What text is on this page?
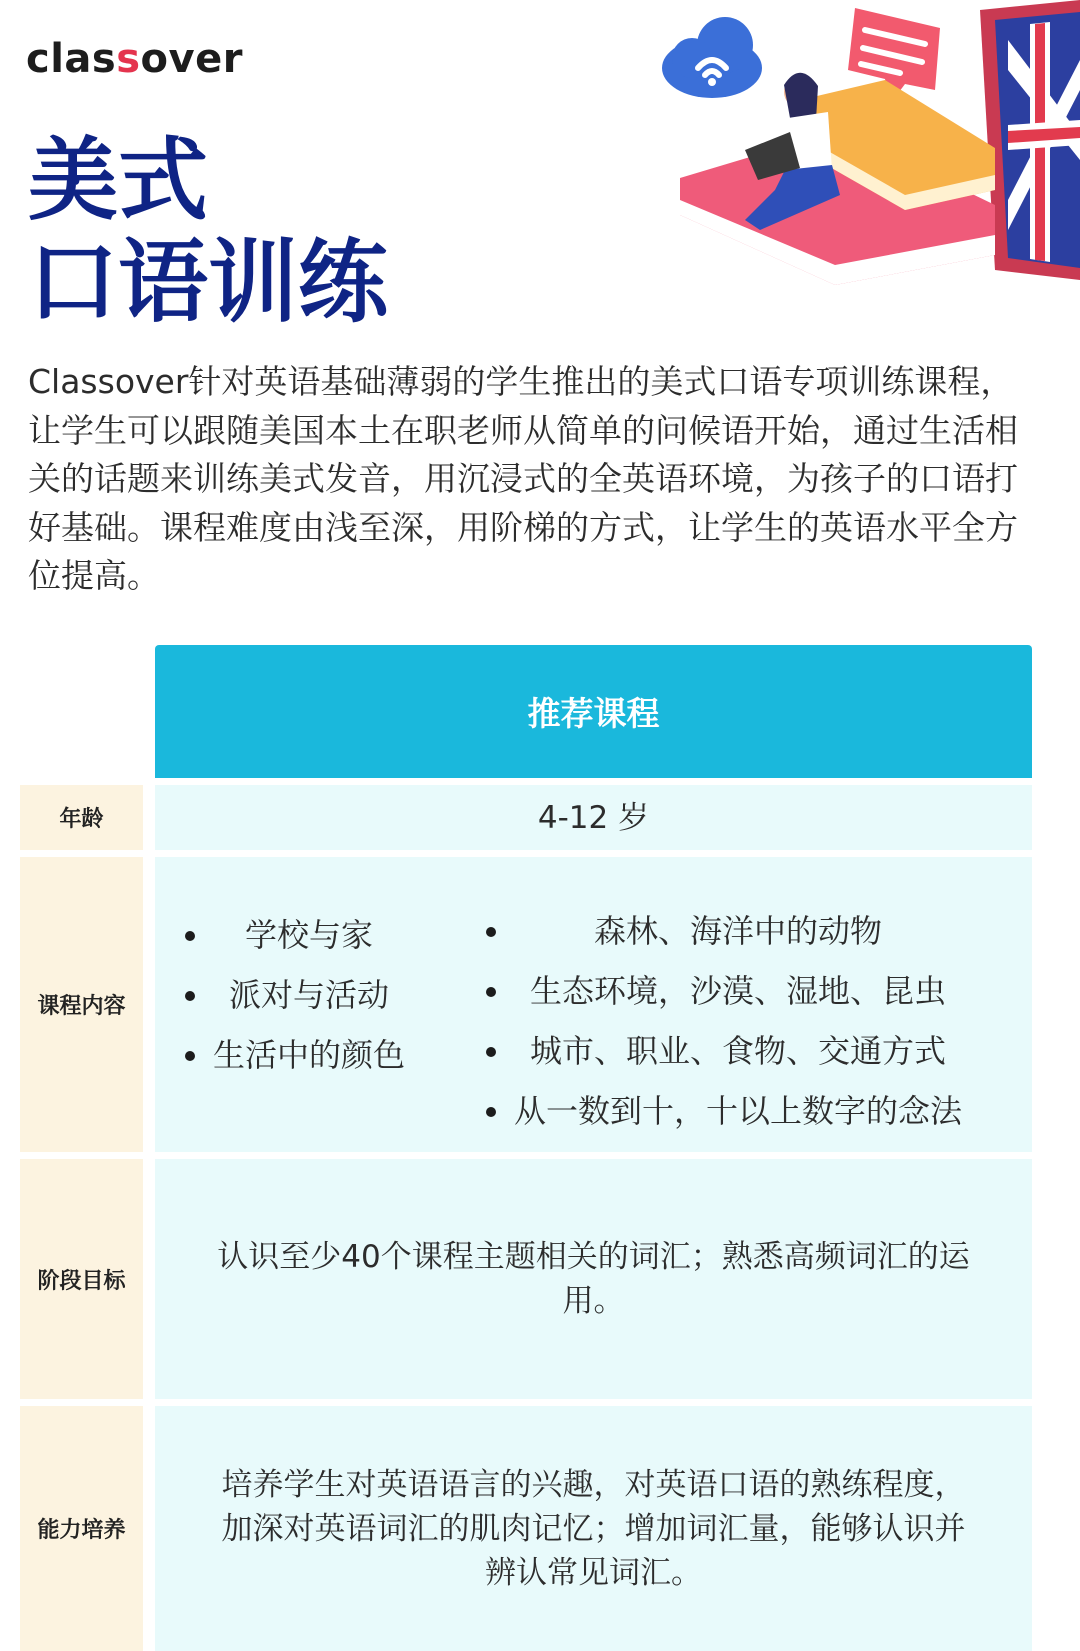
classover
美式
口语训练

Classover针对英语基础薄弱的学生推出的美式口语专项训练课程，让学生可以跟随美国本土在职老师从简单的问候语开始，通过生活相关的话题来训练美式发音，用沉浸式的全英语环境，为孩子的口语打好基础。课程难度由浅至深，用阶梯的方式，让学生的英语水平全方位提高。

推荐课程
年龄	4-12 岁
课程内容
学校与家
派对与活动
生活中的颜色
森林、海洋中的动物
生态环境，沙漠、湿地、昆虫
城市、职业、食物、交通方式
从一数到十，十以上数字的念法
阶段目标
认识至少40个课程主题相关的词汇；熟悉高频词汇的运用。
能力培养
培养学生对英语语言的兴趣，对英语口语的熟练程度，加深对英语词汇的肌肉记忆；增加词汇量，能够认识并辨认常见词汇。
